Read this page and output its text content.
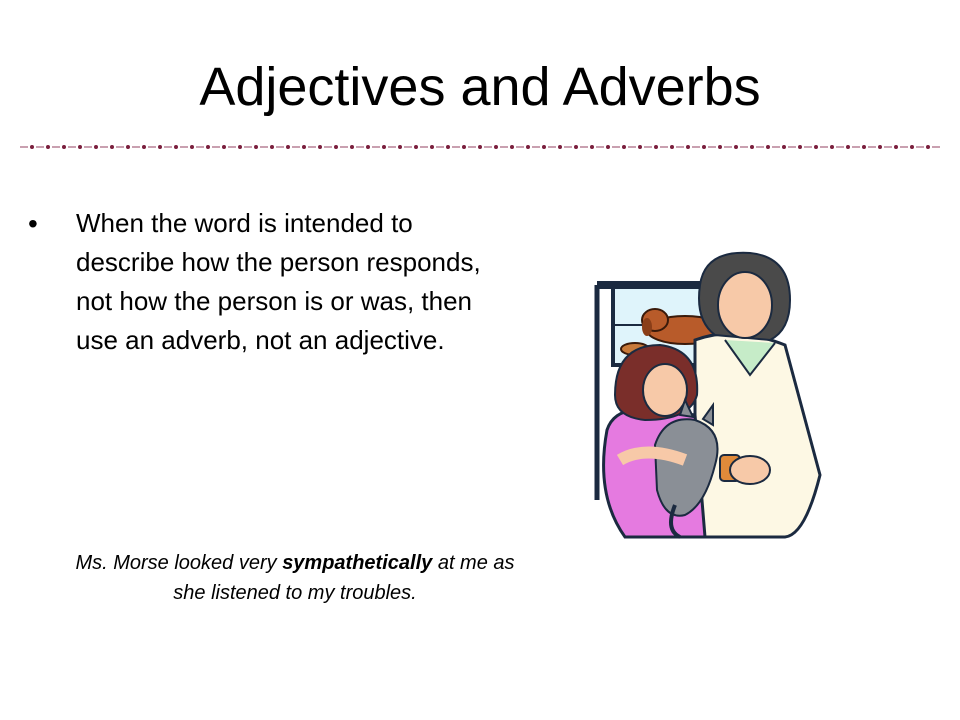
Adjectives and Adverbs
•	When the word is intended to describe how the person responds, not how the person is or was, then use an adverb, not an adjective.
Ms. Morse looked very sympathetically at me as she listened to my troubles.
